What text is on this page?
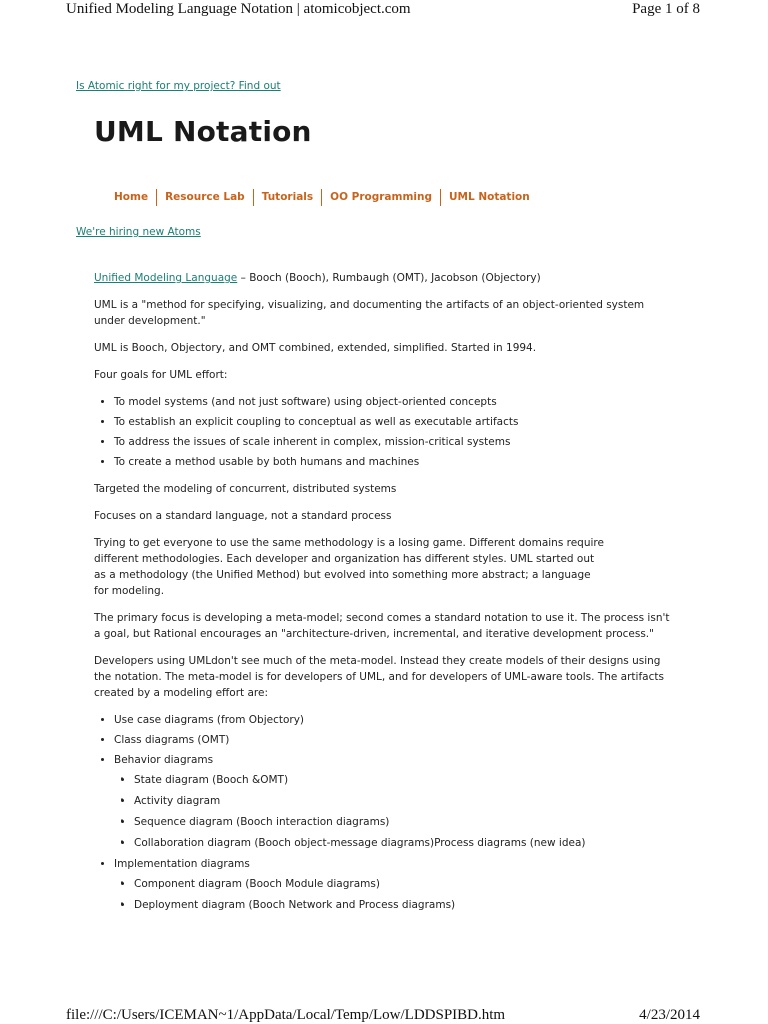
Unified Modeling Language Notation | atomicobject.com	Page 1 of 8
Is Atomic right for my project? Find out
UML Notation
Home	Resource Lab	Tutorials	OO Programming	UML Notation
We're hiring new Atoms

Unified Modeling Language – Booch (Booch), Rumbaugh (OMT), Jacobson (Objectory)

UML is a "method for specifying, visualizing, and documenting the artifacts of an object-oriented system under development."

UML is Booch, Objectory, and OMT combined, extended, simplified. Started in 1994.

Four goals for UML effort:

• To model systems (and not just software) using object-oriented concepts
• To establish an explicit coupling to conceptual as well as executable artifacts
• To address the issues of scale inherent in complex, mission-critical systems
• To create a method usable by both humans and machines

Targeted the modeling of concurrent, distributed systems

Focuses on a standard language, not a standard process

Trying to get everyone to use the same methodology is a losing game. Different domains require different methodologies. Each developer and organization has different styles. UML started out as a methodology (the Unified Method) but evolved into something more abstract; a language for modeling.

The primary focus is developing a meta-model; second comes a standard notation to use it. The process isn't a goal, but Rational encourages an "architecture-driven, incremental, and iterative development process."

Developers using UMLdon't see much of the meta-model. Instead they create models of their designs using the notation. The meta-model is for developers of UML, and for developers of UML-aware tools. The artifacts created by a modeling effort are:

• Use case diagrams (from Objectory)
• Class diagrams (OMT)
• Behavior diagrams
· • State diagram (Booch &OMT)
· • Activity diagram
· • Sequence diagram (Booch interaction diagrams)
· • Collaboration diagram (Booch object-message diagrams)Process diagrams (new idea)
• Implementation diagrams
· • Component diagram (Booch Module diagrams)
· • Deployment diagram (Booch Network and Process diagrams)
file:///C:/Users/ICEMAN~1/AppData/Local/Temp/Low/LDDSPIBD.htm	4/23/2014
